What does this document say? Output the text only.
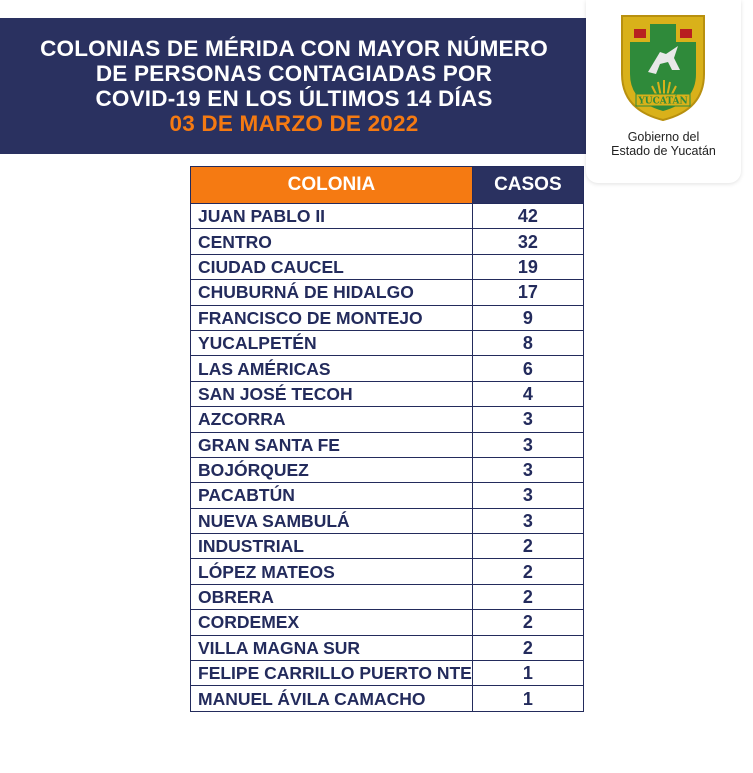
COLONIAS DE MÉRIDA CON MAYOR NÚMERO
DE PERSONAS CONTAGIADAS POR
COVID-19 EN LOS ÚLTIMOS 14 DÍAS
03 DE MARZO DE 2022
YUCATÁN
Gobierno del
Estado de Yucatán
COLONIA	CASOS
JUAN PABLO II	42
CENTRO	32
CIUDAD CAUCEL	19
CHUBURNÁ DE HIDALGO	17
FRANCISCO DE MONTEJO	9
YUCALPETÉN	8
LAS AMÉRICAS	6
SAN JOSÉ TECOH	4
AZCORRA	3
GRAN SANTA FE	3
BOJÓRQUEZ	3
PACABTÚN	3
NUEVA SAMBULÁ	3
INDUSTRIAL	2
LÓPEZ MATEOS	2
OBRERA	2
CORDEMEX	2
VILLA MAGNA SUR	2
FELIPE CARRILLO PUERTO NTE	1
MANUEL ÁVILA CAMACHO	1
